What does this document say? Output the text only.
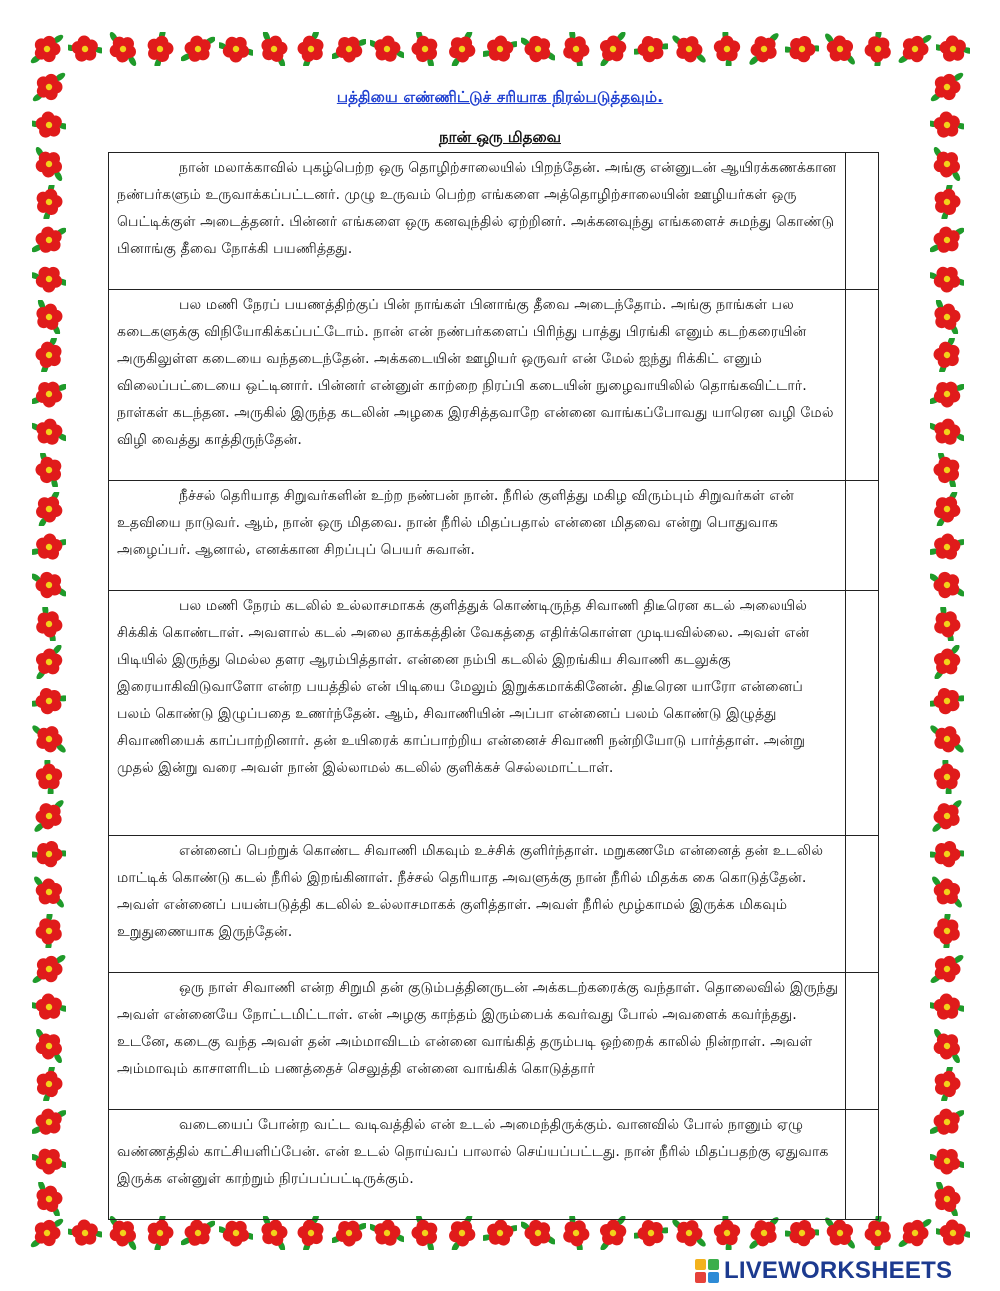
பத்தியை எண்ணிட்டுச் சரியாக நிரல்படுத்தவும்.
நான் ஒரு மிதவை
நான் மலாக்காவில் புகழ்பெற்ற ஒரு தொழிற்சாலையில் பிறந்தேன். அங்கு என்னுடன் ஆயிரக்கணக்கான நண்பர்களும் உருவாக்கப்பட்டனர். முழு உருவம் பெற்ற எங்களை அத்தொழிற்சாலையின் ஊழியர்கள் ஒரு பெட்டிக்குள் அடைத்தனர். பின்னர் எங்களை ஒரு கனவுந்தில் ஏற்றினர். அக்கனவுந்து எங்களைச் சுமந்து கொண்டு பினாங்கு தீவை நோக்கி பயணித்தது.	
பல மணி நேரப் பயணத்திற்குப் பின் நாங்கள் பினாங்கு தீவை அடைந்தோம். அங்கு நாங்கள் பல கடைகளுக்கு விநியோகிக்கப்பட்டோம். நான் என் நண்பர்களைப் பிரிந்து பாத்து பிரங்கி எனும் கடற்கரையின் அருகிலுள்ள கடையை வந்தடைந்தேன். அக்கடையின் ஊழியர் ஒருவர் என் மேல் ஐந்து ரிக்கிட் எனும் விலைப்பட்டையை ஒட்டினார். பின்னர் என்னுள் காற்றை நிரப்பி கடையின் நுழைவாயிலில் தொங்கவிட்டார். நாள்கள் கடந்தன. அருகில் இருந்த கடலின் அழகை இரசித்தவாறே என்னை வாங்கப்போவது யாரென வழி மேல் விழி வைத்து காத்திருந்தேன்.	
நீச்சல் தெரியாத சிறுவர்களின் உற்ற நண்பன் நான். நீரில் குளித்து மகிழ விரும்பும் சிறுவர்கள் என் உதவியை நாடுவர். ஆம், நான் ஒரு மிதவை. நான் நீரில் மிதப்பதால் என்னை மிதவை என்று பொதுவாக அழைப்பர். ஆனால், எனக்கான சிறப்புப் பெயர் சுவான்.	
பல மணி நேரம் கடலில் உல்லாசமாகக் குளித்துக் கொண்டிருந்த சிவாணி திடீரென கடல் அலையில் சிக்கிக் கொண்டாள். அவளால் கடல் அலை தாக்கத்தின் வேகத்தை எதிர்க்கொள்ள முடியவில்லை. அவள் என் பிடியில் இருந்து மெல்ல தளர ஆரம்பித்தாள். என்னை நம்பி கடலில் இறங்கிய சிவாணி கடலுக்கு இரையாகிவிடுவாளோ என்ற பயத்தில் என் பிடியை மேலும் இறுக்கமாக்கினேன். திடீரென யாரோ என்னைப் பலம் கொண்டு இழுப்பதை உணர்ந்தேன். ஆம், சிவாணியின் அப்பா என்னைப் பலம் கொண்டு இழுத்து சிவாணியைக் காப்பாற்றினார். தன் உயிரைக் காப்பாற்றிய என்னைச் சிவாணி நன்றியோடு பார்த்தாள். அன்று முதல் இன்று வரை அவள் நான் இல்லாமல் கடலில் குளிக்கச் செல்லமாட்டாள்.	
என்னைப் பெற்றுக் கொண்ட சிவாணி மிகவும் உச்சிக் குளிர்ந்தாள். மறுகணமே என்னைத் தன் உடலில் மாட்டிக் கொண்டு கடல் நீரில் இறங்கினாள். நீச்சல் தெரியாத அவளுக்கு நான் நீரில் மிதக்க கை கொடுத்தேன். அவள் என்னைப் பயன்படுத்தி கடலில் உல்லாசமாகக் குளித்தாள். அவள் நீரில் மூழ்காமல் இருக்க மிகவும் உறுதுணையாக இருந்தேன்.	
ஒரு நாள் சிவாணி என்ற சிறுமி தன் குடும்பத்தினருடன் அக்கடற்கரைக்கு வந்தாள். தொலைவில் இருந்து அவள் என்னையே நோட்டமிட்டாள். என் அழகு காந்தம் இரும்பைக் கவர்வது போல் அவளைக் கவர்ந்தது. உடனே, கடைகு வந்த அவள் தன் அம்மாவிடம் என்னை வாங்கித் தரும்படி ஒற்றைக் காலில் நின்றாள். அவள் அம்மாவும் காசாளரிடம் பணத்தைச் செலுத்தி என்னை வாங்கிக் கொடுத்தார்	
வடையைப் போன்ற வட்ட வடிவத்தில் என் உடல் அமைந்திருக்கும். வானவில் போல் நானும் ஏழு வண்ணத்தில் காட்சியளிப்பேன். என் உடல் நொய்வப் பாலால் செய்யப்பட்டது. நான் நீரில் மிதப்பதற்கு ஏதுவாக இருக்க என்னுள் காற்றும் நிரப்பப்பட்டிருக்கும்.	
LIVEWORKSHEETS
